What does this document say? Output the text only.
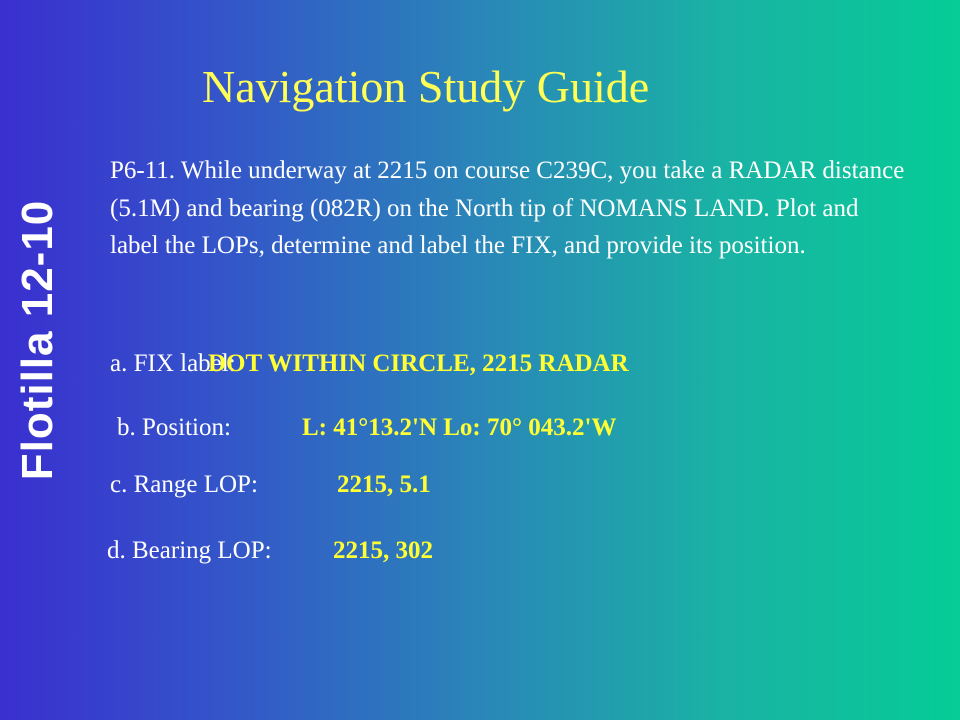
Flotilla 12-10
Navigation Study Guide
P6-11. While underway at 2215 on course C239C, you take a RADAR distance (5.1M) and bearing (082R) on the North tip of NOMANS LAND. Plot and label the LOPs, determine and label the FIX, and provide its position.
a. FIX label:
DOT WITHIN CIRCLE, 2215 RADAR
b. Position:	L: 41°13.2'N Lo: 70° 043.2'W
c. Range LOP:	2215, 5.1
d. Bearing LOP: 2215, 302
